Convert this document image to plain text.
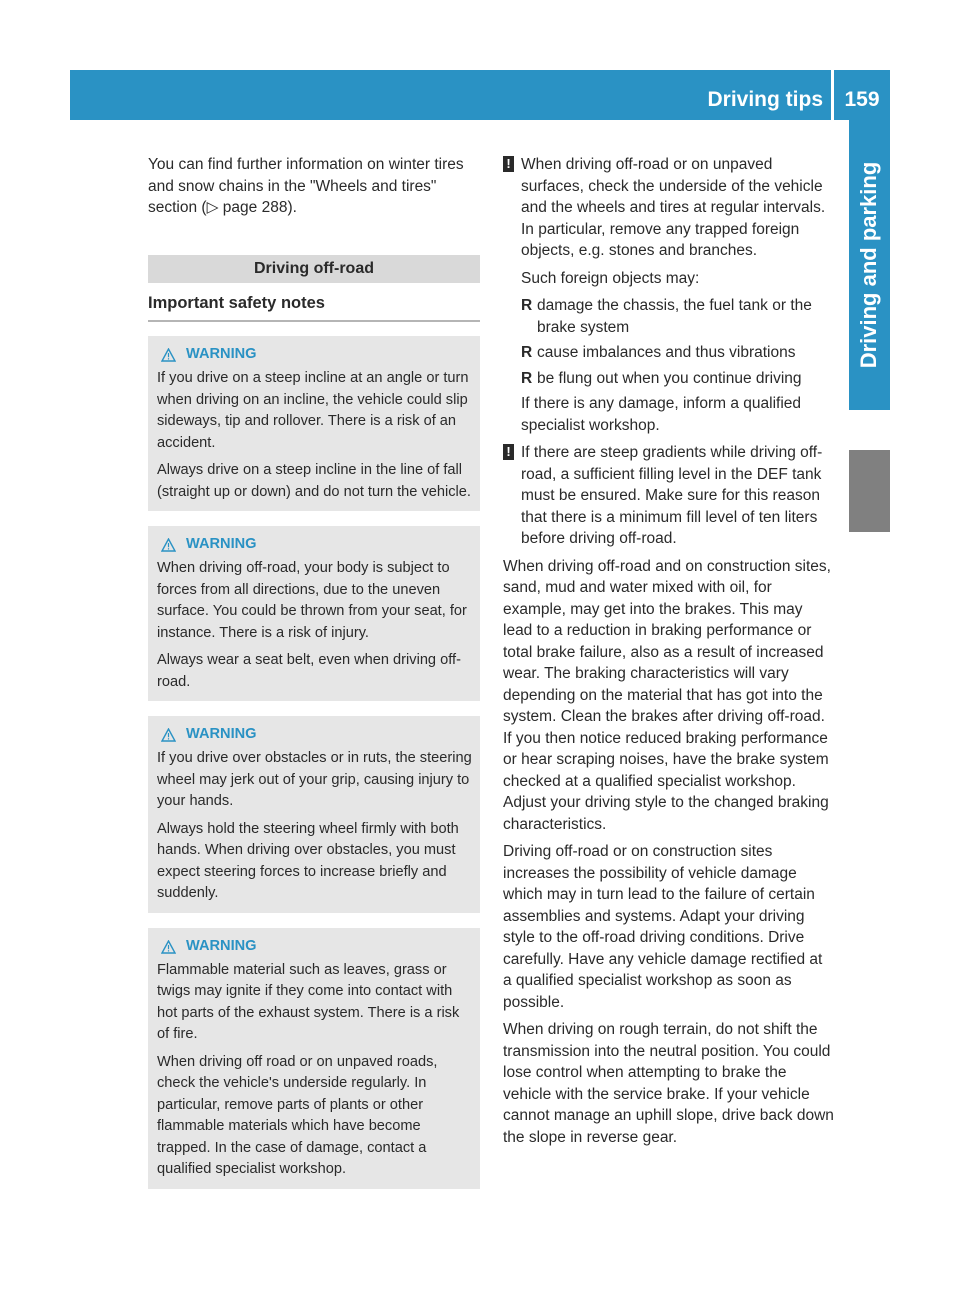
Driving tips	159
Driving and parking

You can find further information on winter tires and snow chains in the "Wheels and tires" section (▷ page 288).

Driving off-road
Important safety notes
WARNING

If you drive on a steep incline at an angle or turn when driving on an incline, the vehicle could slip sideways, tip and rollover. There is a risk of an accident.

Always drive on a steep incline in the line of fall (straight up or down) and do not turn the vehicle.

WARNING

When driving off-road, your body is subject to forces from all directions, due to the uneven surface. You could be thrown from your seat, for instance. There is a risk of injury.

Always wear a seat belt, even when driving off-road.

WARNING

If you drive over obstacles or in ruts, the steering wheel may jerk out of your grip, causing injury to your hands.

Always hold the steering wheel firmly with both hands. When driving over obstacles, you must expect steering forces to increase briefly and suddenly.

WARNING

Flammable material such as leaves, grass or twigs may ignite if they come into contact with hot parts of the exhaust system. There is a risk of fire.

When driving off road or on unpaved roads, check the vehicle's underside regularly. In particular, remove parts of plants or other flammable materials which have become trapped. In the case of damage, contact a qualified specialist workshop.

! When driving off-road or on unpaved surfaces, check the underside of the vehicle and the wheels and tires at regular intervals. In particular, remove any trapped foreign objects, e.g. stones and branches.

Such foreign objects may:

R damage the chassis, the fuel tank or the brake system
R cause imbalances and thus vibrations
R be flung out when you continue driving

If there is any damage, inform a qualified specialist workshop.

! If there are steep gradients while driving off-road, a sufficient filling level in the DEF tank must be ensured. Make sure for this reason that there is a minimum fill level of ten liters before driving off-road.

When driving off-road and on construction sites, sand, mud and water mixed with oil, for example, may get into the brakes. This may lead to a reduction in braking performance or total brake failure, also as a result of increased wear. The braking characteristics will vary depending on the material that has got into the system. Clean the brakes after driving off-road. If you then notice reduced braking performance or hear scraping noises, have the brake system checked at a qualified specialist workshop. Adjust your driving style to the changed braking characteristics.

Driving off-road or on construction sites increases the possibility of vehicle damage which may in turn lead to the failure of certain assemblies and systems. Adapt your driving style to the off-road driving conditions. Drive carefully. Have any vehicle damage rectified at a qualified specialist workshop as soon as possible.

When driving on rough terrain, do not shift the transmission into the neutral position. You could lose control when attempting to brake the vehicle with the service brake. If your vehicle cannot manage an uphill slope, drive back down the slope in reverse gear.
